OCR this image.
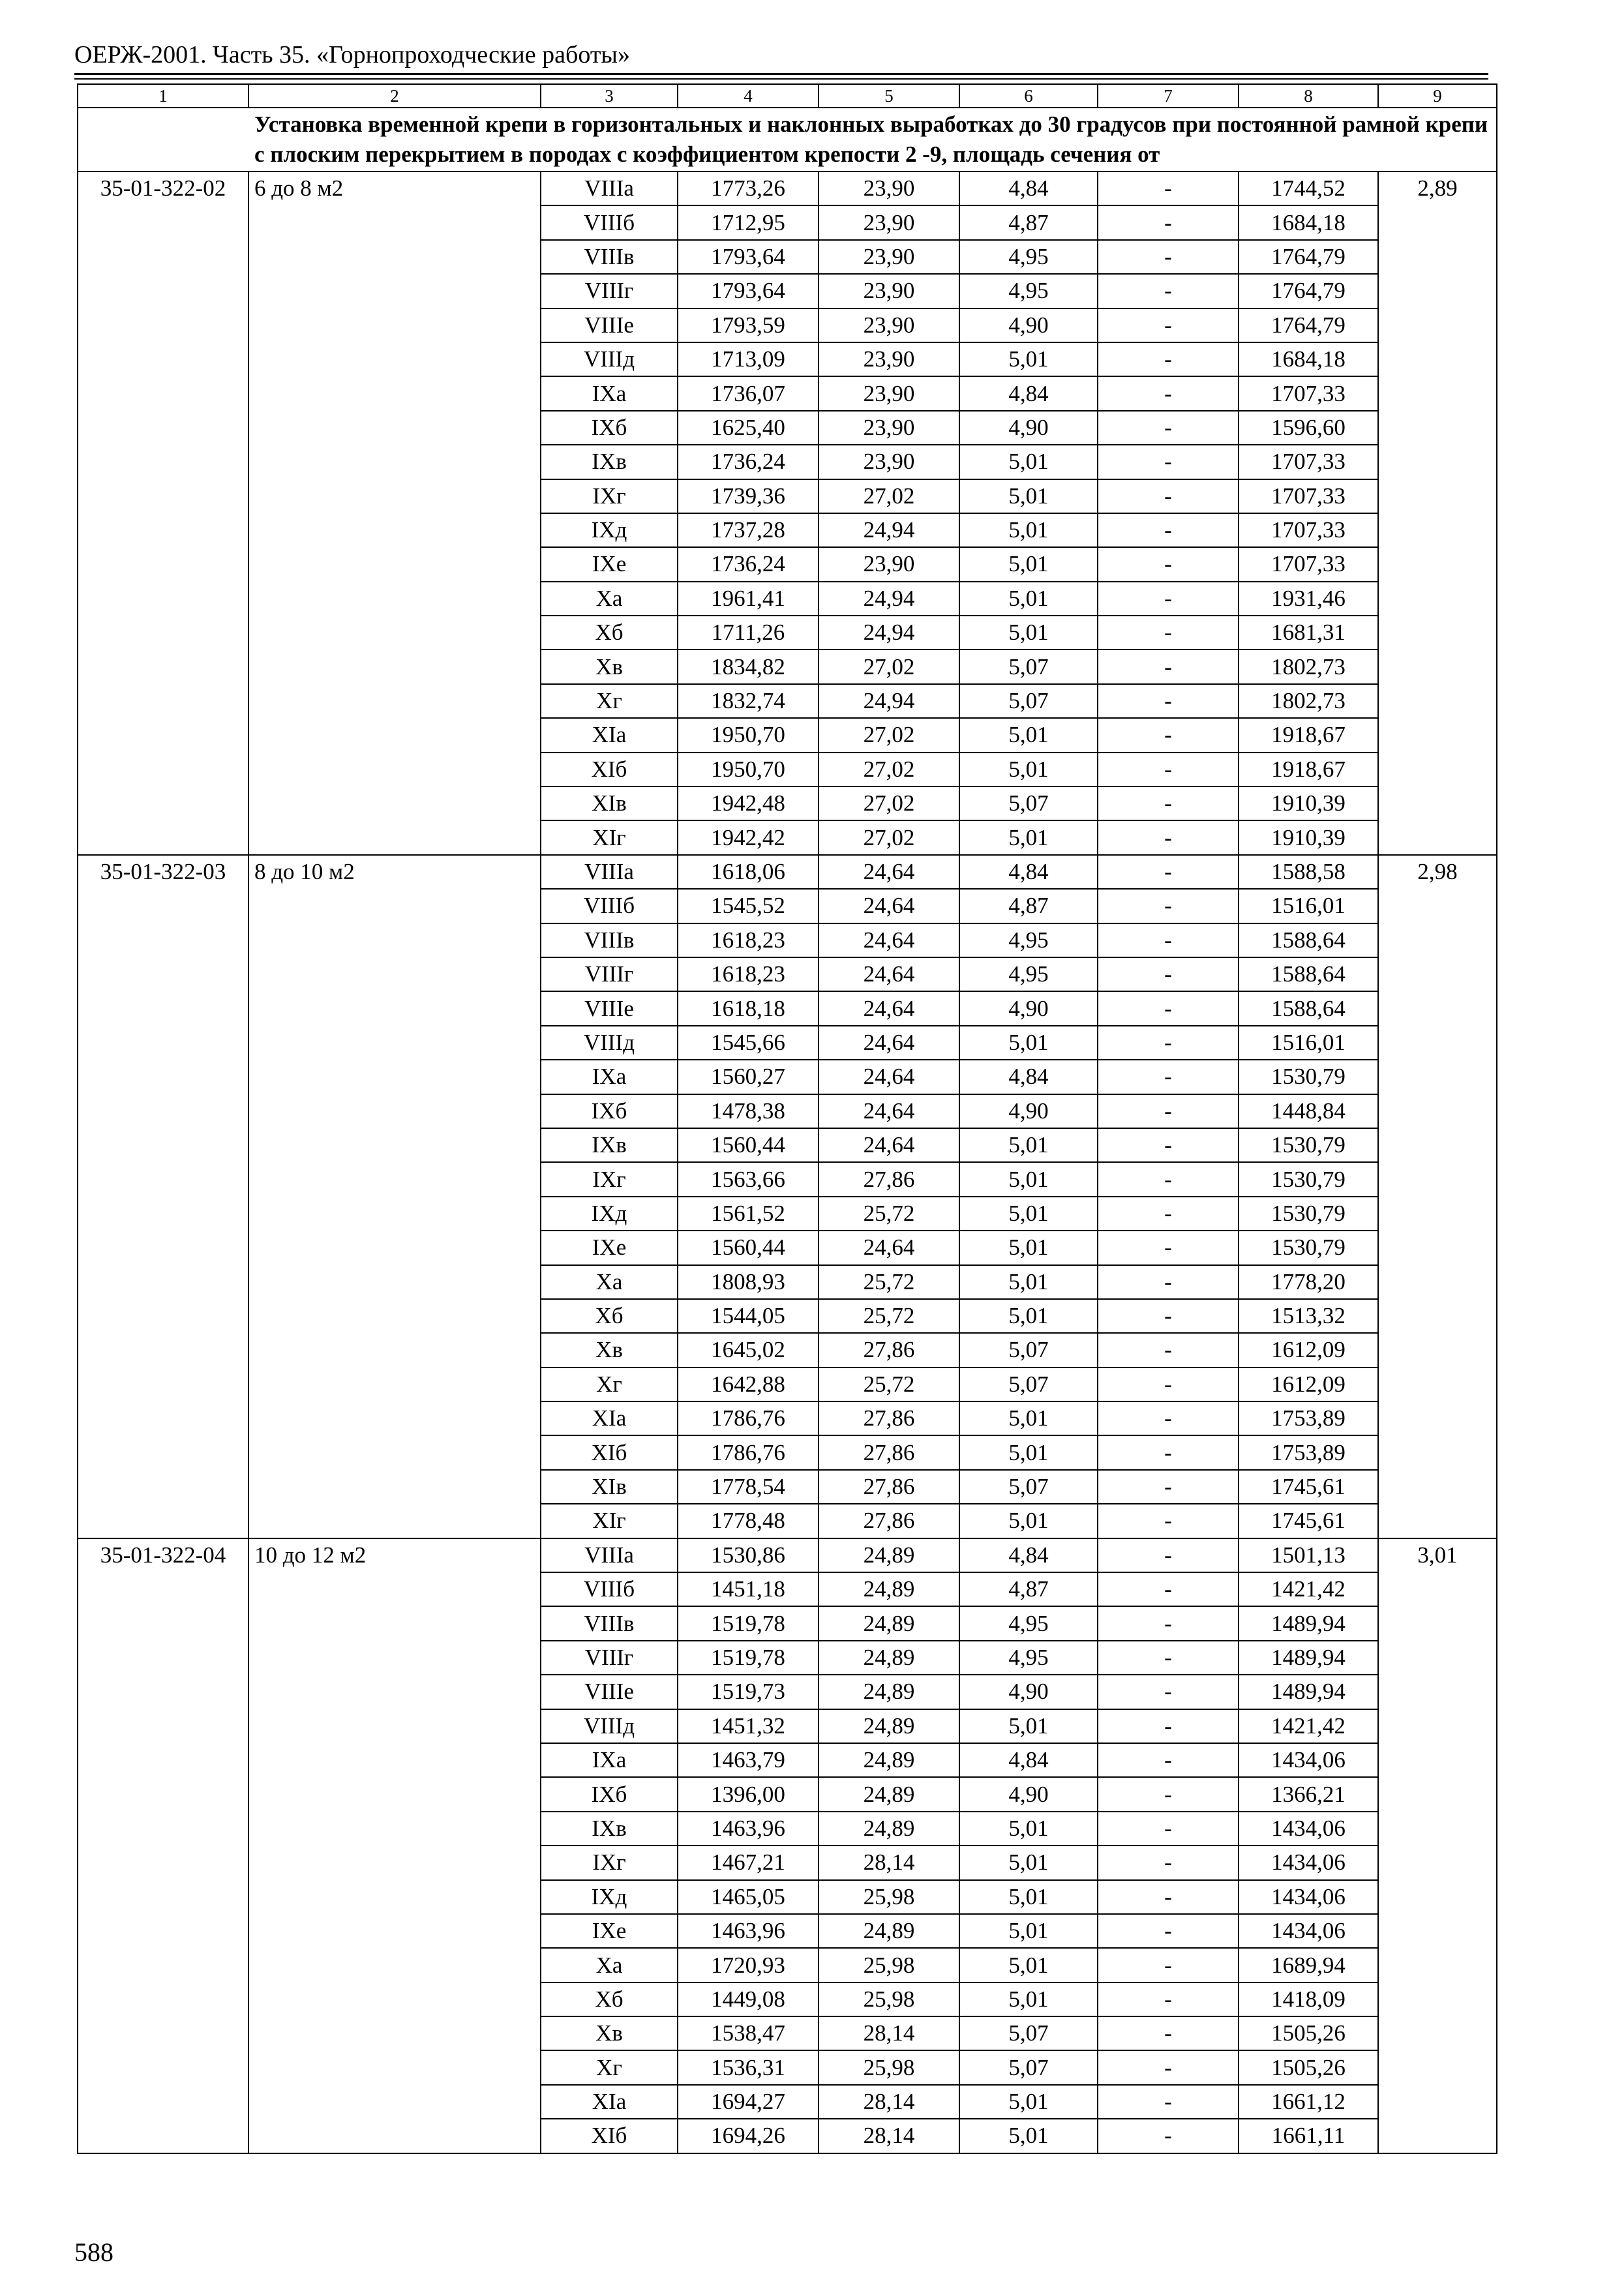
ОЕРЖ-2001. Часть 35. «Горнопроходческие работы»
1	2	3	4	5	6	7	8	9
Установка временной крепи в горизонтальных и наклонных выработках до 30 градусов при постоянной рамной крепи с плоским перекрытием в породах с коэффициентом крепости 2 -9, площадь сечения от								
35-01-322-02	6 до 8 м2	VIIIa	1773,26	23,90	4,84	-	1744,52	2,89
		VIIIб	1712,95	23,90	4,87	-	1684,18	
		VIIIв	1793,64	23,90	4,95	-	1764,79	
		VIIIг	1793,64	23,90	4,95	-	1764,79	
		VIIIе	1793,59	23,90	4,90	-	1764,79	
		VIIIд	1713,09	23,90	5,01	-	1684,18	
		IXa	1736,07	23,90	4,84	-	1707,33	
		IXб	1625,40	23,90	4,90	-	1596,60	
		IXв	1736,24	23,90	5,01	-	1707,33	
		IXг	1739,36	27,02	5,01	-	1707,33	
		IXд	1737,28	24,94	5,01	-	1707,33	
		IXе	1736,24	23,90	5,01	-	1707,33	
		Xa	1961,41	24,94	5,01	-	1931,46	
		Xб	1711,26	24,94	5,01	-	1681,31	
		Xв	1834,82	27,02	5,07	-	1802,73	
		Xг	1832,74	24,94	5,07	-	1802,73	
		XIa	1950,70	27,02	5,01	-	1918,67	
		XIб	1950,70	27,02	5,01	-	1918,67	
		XIв	1942,48	27,02	5,07	-	1910,39	
		XIг	1942,42	27,02	5,01	-	1910,39	
35-01-322-03	8 до 10 м2	VIIIa	1618,06	24,64	4,84	-	1588,58	2,98
		VIIIб	1545,52	24,64	4,87	-	1516,01	
		VIIIв	1618,23	24,64	4,95	-	1588,64	
		VIIIг	1618,23	24,64	4,95	-	1588,64	
		VIIIе	1618,18	24,64	4,90	-	1588,64	
		VIIIд	1545,66	24,64	5,01	-	1516,01	
		IXa	1560,27	24,64	4,84	-	1530,79	
		IXб	1478,38	24,64	4,90	-	1448,84	
		IXв	1560,44	24,64	5,01	-	1530,79	
		IXг	1563,66	27,86	5,01	-	1530,79	
		IXд	1561,52	25,72	5,01	-	1530,79	
		IXе	1560,44	24,64	5,01	-	1530,79	
		Xa	1808,93	25,72	5,01	-	1778,20	
		Xб	1544,05	25,72	5,01	-	1513,32	
		Xв	1645,02	27,86	5,07	-	1612,09	
		Xг	1642,88	25,72	5,07	-	1612,09	
		XIa	1786,76	27,86	5,01	-	1753,89	
		XIб	1786,76	27,86	5,01	-	1753,89	
		XIв	1778,54	27,86	5,07	-	1745,61	
		XIг	1778,48	27,86	5,01	-	1745,61	
35-01-322-04	10 до 12 м2	VIIIa	1530,86	24,89	4,84	-	1501,13	3,01
		VIIIб	1451,18	24,89	4,87	-	1421,42	
		VIIIв	1519,78	24,89	4,95	-	1489,94	
		VIIIг	1519,78	24,89	4,95	-	1489,94	
		VIIIе	1519,73	24,89	4,90	-	1489,94	
		VIIIд	1451,32	24,89	5,01	-	1421,42	
		IXa	1463,79	24,89	4,84	-	1434,06	
		IXб	1396,00	24,89	4,90	-	1366,21	
		IXв	1463,96	24,89	5,01	-	1434,06	
		IXг	1467,21	28,14	5,01	-	1434,06	
		IXд	1465,05	25,98	5,01	-	1434,06	
		IXе	1463,96	24,89	5,01	-	1434,06	
		Xa	1720,93	25,98	5,01	-	1689,94	
		Xб	1449,08	25,98	5,01	-	1418,09	
		Xв	1538,47	28,14	5,07	-	1505,26	
		Xг	1536,31	25,98	5,07	-	1505,26	
		XIa	1694,27	28,14	5,01	-	1661,12	
		XIб	1694,26	28,14	5,01	-	1661,11	
588
